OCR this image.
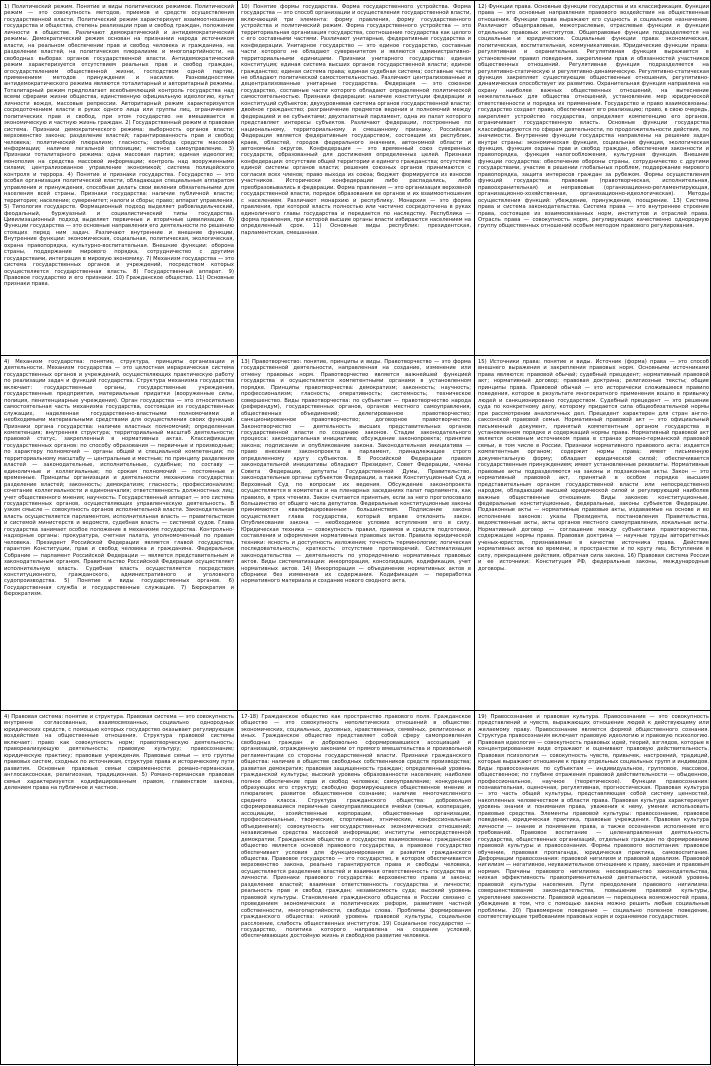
1) Политический режим. Понятие и виды политических режимов. Политический режим — это совокупность методов, приемов и средств осуществления государственной власти. Политический режим характеризует взаимоотношения государства и общества, степень реализации прав и свобод граждан, положение личности в обществе. Различают демократический и антидемократический режимы. Демократический режим основан на признании народа источником власти, на реальном обеспечении прав и свобод человека и гражданина, на разделении властей, на политическом плюрализме и многопартийности, на свободных выборах органов государственной власти. Антидемократический режим характеризуется отсутствием реальных прав и свобод граждан, огосударствлением общественной жизни, господством одной партии, применением методов принуждения и насилия. Разновидностями антидемократического режима являются тоталитарный и авторитарный режимы. Тоталитарный режим предполагает всеобъемлющий контроль государства над всеми сферами жизни общества, единственную официальную идеологию, культ личности вождя, массовые репрессии. Авторитарный режим характеризуется сосредоточением власти в руках одного лица или группы лиц, ограничением политических прав и свобод, при этом государство не вмешивается в экономическую и частную жизнь граждан. 2) Государственный режим и правовая система. Признаки демократического режима: выборность органов власти; верховенство закона; разделение властей; гарантированность прав и свобод человека; политический плюрализм; гласность; свобода средств массовой информации; наличие легальной оппозиции; местное самоуправление. 3) Признаки тоталитарного режима: одна массовая партия; единая идеология; монополия на средства массовой информации; контроль над вооруженными силами; централизованное управление экономикой; система полицейского контроля и террора. 4) Понятие и признаки государства. Государство — это особая организация политической власти, обладающая специальным аппаратом управления и принуждения, способная делать свои веления обязательными для населения всей страны. Признаки государства: наличие публичной власти; территория; население; суверенитет; налоги и сборы; право; аппарат управления. 5) Типология государств. Формационный подход выделяет рабовладельческий, феодальный, буржуазный и социалистический типы государства. Цивилизационный подход выделяет первичные и вторичные цивилизации. 6) Функции государства — это основные направления его деятельности по решению стоящих перед ним задач. Различают внутренние и внешние функции. Внутренние функции: экономическая, социальная, политическая, экологическая, охрана правопорядка, культурно-воспитательная. Внешние функции: оборона страны, поддержание мирового порядка, сотрудничество с другими государствами, интеграция в мировую экономику. 7) Механизм государства — это система государственных органов и учреждений, посредством которых осуществляется государственная власть. 8) Государственный аппарат. 9) Правовое государство и его признаки. 10) Гражданское общество. 11) Основные признаки права.

10) Понятие формы государства. Форма государственного устройства. Форма государства — это способ организации и осуществления государственной власти, включающий три элемента: форму правления, форму государственного устройства и политический режим. Форма государственного устройства — это территориальная организация государства, соотношение государства как целого с его составными частями. Различают унитарные, федеративные государства и конфедерации. Унитарное государство — это единое государство, составные части которого не обладают суверенитетом и являются административно-территориальными единицами. Признаки унитарного государства: единая конституция; единая система высших органов государственной власти; единое гражданство; единая система права; единая судебная система; составные части не обладают политической самостоятельностью. Различают централизованные и децентрализованные унитарные государства. Федерация — это союзное государство, составные части которого обладают определенной политической самостоятельностью. Признаки федерации: наличие конституции федерации и конституций субъектов; двухуровневая система органов государственной власти; двойное гражданство; разграничение предметов ведения и полномочий между федерацией и ее субъектами; двухпалатный парламент, одна из палат которого представляет интересы субъектов. Различают федерации, построенные по национальному, территориальному и смешанному признаку. Российская Федерация является федеративным государством, состоящим из республик, краев, областей, городов федерального значения, автономной области и автономных округов. Конфедерация — это временный союз суверенных государств, образованный для достижения определенных целей. Признаки конфедерации: отсутствие общей территории и единого гражданства; отсутствие единой системы органов власти; решения союзных органов принимаются с согласия всех членов; право выхода из союза; бюджет формируется из взносов участников. Исторически конфедерации либо распадались, либо преобразовывались в федерации. Форма правления — это организация верховной государственной власти, порядок образования ее органов и их взаимоотношения с населением. Различают монархию и республику. Монархия — это форма правления, при которой власть полностью или частично сосредоточена в руках единоличного главы государства и передается по наследству. Республика — форма правления, при которой высшие органы власти избираются населением на определенный срок. 11) Основные виды республик: президентская, парламентская, смешанная.

12) Функции права. Основные функции государства и их классификация. Функции права — это основные направления правового воздействия на общественные отношения. Функции права выражают его сущность и социальное назначение. Различают общеправовые, межотраслевые, отраслевые функции и функции отдельных правовых институтов. Общеправовые функции подразделяются на социальные и юридические. Социальные функции права: экономическая, политическая, воспитательная, коммуникативная. Юридические функции права: регулятивная и охранительная. Регулятивная функция выражается в установлении правил поведения, закреплении прав и обязанностей участников общественных отношений. Регулятивная функция подразделяется на регулятивно-статическую и регулятивно-динамическую. Регулятивно-статическая функция закрепляет существующие общественные отношения, регулятивно-динамическая способствует их развитию. Охранительная функция направлена на охрану наиболее важных общественных отношений, на вытеснение нежелательных для общества отношений, установление мер юридической ответственности и порядка их применения. Государство и право взаимосвязаны: государство создает право, обеспечивает его реализацию; право, в свою очередь, закрепляет устройство государства, определяет компетенцию его органов, ограничивает государственную власть. Основные функции государства классифицируются по сферам деятельности, по продолжительности действия, по значимости. Внутренние функции государства направлены на решение задач внутри страны: экономическая функция, социальная функция, экологическая функция, функция охраны прав и свобод граждан, обеспечения законности и правопорядка, функция налогообложения, культурная функция. Внешние функции государства: обеспечение обороны страны, сотрудничество с другими государствами, участие в решении глобальных проблем, поддержание мирового правопорядка, защита интересов граждан за рубежом. Формы осуществления функций государства: правовые (правотворческая, исполнительная, правоохранительная) и неправовые (организационно-регламентирующая, организационно-хозяйственная, организационно-идеологическая). Методы осуществления функций: убеждение, принуждение, поощрение. 13) Система права и система законодательства. Система права — это внутреннее строение права, состоящее из взаимосвязанных норм, институтов и отраслей права. Отрасль права — совокупность норм, регулирующих качественно однородную группу общественных отношений особым методом правового регулирования.

4) Механизм государства: понятие, структура, принципы организации и деятельности. Механизм государства — это целостная иерархическая система государственных органов и учреждений, осуществляющих практическую работу по реализации задач и функций государства. Структура механизма государства включает: государственные органы, государственные учреждения, государственные предприятия, материальные придатки (вооруженные силы, полиция, пенитенциарные учреждения). Орган государства — это относительно самостоятельная часть механизма государства, состоящая из государственных служащих, наделенная государственно-властными полномочиями и необходимыми материальными средствами для осуществления своих функций. Признаки органа государства: наличие властных полномочий; определенная компетенция; внутренняя структура; территориальный масштаб деятельности; правовой статус, закрепленный в нормативных актах. Классификация государственных органов: по способу образования — первичные и производные; по характеру полномочий — органы общей и специальной компетенции; по территориальному масштабу — центральные и местные; по принципу разделения властей — законодательные, исполнительные, судебные; по составу — единоличные и коллегиальные; по срокам полномочий — постоянные и временные. Принципы организации и деятельности механизма государства: разделение властей; законность; демократизм; гласность; профессионализм; сочетание коллегиальности и единоначалия; ответственность должностных лиц; учет общественного мнения; научность. Государственный аппарат — это система государственных органов, осуществляющих управленческую деятельность. В узком смысле — совокупность органов исполнительной власти. Законодательная власть осуществляется парламентом, исполнительная власть — правительством и системой министерств и ведомств, судебная власть — системой судов. Глава государства занимает особое положение в механизме государства. Контрольно-надзорные органы: прокуратура, счетная палата, уполномоченный по правам человека. Президент Российской Федерации является главой государства, гарантом Конституции, прав и свобод человека и гражданина. Федеральное Собрание — парламент Российской Федерации — является представительным и законодательным органом. Правительство Российской Федерации осуществляет исполнительную власть. Судебная власть осуществляется посредством конституционного, гражданского, административного и уголовного судопроизводства. 5) Понятие и виды государственных органов. 6) Государственная служба и государственные служащие. 7) Бюрократия и бюрократизм.

13) Правотворчество: понятие, принципы и виды. Правотворчество — это форма государственной деятельности, направленная на создание, изменение или отмену правовых норм. Правотворчество является важнейшей функцией государства и осуществляется компетентными органами в установленном порядке. Принципы правотворчества: демократизм; законность; научность; профессионализм; гласность; оперативность; системность; техническое совершенство. Виды правотворчества: по субъектам — правотворчество народа (референдум), государственных органов, органов местного самоуправления, общественных объединений; делегированное правотворчество; санкционированное правотворчество; договорное правотворчество. Законотворчество — деятельность высших представительных органов государственной власти по созданию законов. Стадии законодательного процесса: законодательная инициатива; обсуждение законопроекта; принятие закона; подписание и опубликование закона. Законодательная инициатива — право внесения законопроекта в парламент, принадлежащее строго определенному кругу субъектов. В Российской Федерации правом законодательной инициативы обладают Президент, Совет Федерации, члены Совета Федерации, депутаты Государственной Думы, Правительство, законодательные органы субъектов Федерации, а также Конституционный Суд и Верховный Суд по вопросам их ведения. Обсуждение законопроекта осуществляется в комитетах и на пленарных заседаниях палат парламента, как правило, в трех чтениях. Закон считается принятым, если за него проголосовало большинство от общего числа депутатов. Федеральные конституционные законы принимаются квалифицированным большинством. Подписание закона осуществляет глава государства, который вправе отклонить закон. Опубликование закона — необходимое условие вступления его в силу. Юридическая техника — совокупность правил, приемов и средств подготовки, составления и оформления нормативных правовых актов. Правила юридической техники: ясность и доступность изложения; точность терминологии; логическая последовательность; краткость; отсутствие противоречий. Систематизация законодательства — деятельность по упорядочению нормативных правовых актов. Виды систематизации: инкорпорация, консолидация, кодификация, учет нормативных актов. 14) Инкорпорация — объединение нормативных актов в сборники без изменения их содержания. Кодификация — переработка нормативного материала и создание нового сводного акта.

15) Источники права: понятие и виды. Источник (форма) права — это способ внешнего выражения и закрепления правовых норм. Основными источниками права являются: правовой обычай; судебный прецедент; нормативный правовой акт; нормативный договор; правовая доктрина; религиозные тексты; общие принципы права. Правовой обычай — это исторически сложившееся правило поведения, которое в результате многократного применения вошло в привычку людей и санкционировано государством. Судебный прецедент — это решение суда по конкретному делу, которому придается сила общеобязательной нормы при рассмотрении аналогичных дел. Прецедент характерен для стран англо-саксонской правовой семьи. Нормативный правовой акт — это официальный письменный документ, принятый компетентным органом государства в установленном порядке и содержащий нормы права. Нормативный правовой акт является основным источником права в странах романо-германской правовой семьи, в том числе в России. Признаки нормативного правового акта: издается компетентным органом; содержит нормы права; имеет письменную документальную форму; обладает юридической силой; обеспечивается государственным принуждением; имеет установленные реквизиты. Нормативные правовые акты подразделяются на законы и подзаконные акты. Закон — это нормативный правовой акт, принятый в особом порядке высшим представительным органом государственной власти или непосредственно народом, обладающий высшей юридической силой и регулирующий наиболее важные общественные отношения. Виды законов: конституционные, федеральные конституционные, федеральные, законы субъектов Федерации. Подзаконные акты — нормативные правовые акты, издаваемые на основе и во исполнение законов: указы Президента, постановления Правительства, ведомственные акты, акты органов местного самоуправления, локальные акты. Нормативный договор — соглашение между субъектами правотворчества, содержащее нормы права. Правовая доктрина — научные труды авторитетных ученых-юристов, признаваемые в качестве источника права. Действие нормативных актов во времени, в пространстве и по кругу лиц. Вступление в силу, прекращение действия, обратная сила закона. 16) Правовая система России и ее источники: Конституция РФ, федеральные законы, международные договоры.

4) Правовая система: понятие и структура. Правовая система — это совокупность внутренне согласованных, взаимосвязанных, социально однородных юридических средств, с помощью которых государство оказывает регулирующее воздействие на общественные отношения. Структура правовой системы включает: право как совокупность норм; правотворческую деятельность; правореализующую деятельность; правовую культуру; правосознание; юридическую практику; правовые учреждения. Правовые семьи — это группы правовых систем, сходных по источникам, структуре права и историческому пути развития. Основные правовые семьи современности: романо-германская, англосаксонская, религиозная, традиционная. 5) Романо-германская правовая семья характеризуется кодифицированным правом, главенством закона, делением права на публичное и частное.

17-18) Гражданское общество как пространство правового поля. Гражданское общество — это совокупность неполитических отношений в обществе: экономических, социальных, духовных, нравственных, семейных, религиозных и иных. Гражданское общество представляет собой сферу самопроявления свободных граждан и добровольно сформировавшихся ассоциаций и организаций, огражденную законами от прямого вмешательства и произвольной регламентации со стороны государственной власти. Признаки гражданского общества: наличие в обществе свободных собственников средств производства; развитая демократия; правовая защищенность граждан; определенный уровень гражданской культуры; высокий уровень образованности населения; наиболее полное обеспечение прав и свобод человека; самоуправление; конкуренция образующих его структур; свободно формирующееся общественное мнение и плюрализм; развитое общественное сознание; наличие многочисленного среднего класса. Структура гражданского общества: добровольно сформировавшиеся первичные самоуправляющиеся ячейки (семья, кооперация, ассоциации, хозяйственные корпорации, общественные организации, профессиональные, творческие, спортивные, этнические, конфессиональные объединения); совокупность негосударственных экономических отношений; независимые средства массовой информации; институты непосредственной демократии. Гражданское общество и государство взаимосвязаны: гражданское общество является основой правового государства, а правовое государство обеспечивает условия для функционирования и развития гражданского общества. Правовое государство — это государство, в котором обеспечивается верховенство закона, реально гарантируются права и свободы человека, осуществляется разделение властей и взаимная ответственность государства и личности. Признаки правового государства: верховенство права и закона; разделение властей; взаимная ответственность государства и личности; реальность прав и свобод граждан; независимость суда; высокий уровень правовой культуры. Становление гражданского общества в России связано с проведением экономических и политических реформ, развитием частной собственности, многопартийности, свободы слова. Проблемы формирования гражданского общества: низкий уровень правовой культуры, социальное расслоение, слабость общественных институтов. 19) Социальное государство — государство, политика которого направлена на создание условий, обеспечивающих достойную жизнь и свободное развитие человека.

19) Правосознание и правовая культура. Правосознание — это совокупность представлений и чувств, выражающих отношение людей к действующему или желаемому праву. Правосознание является формой общественного сознания. Структура правосознания включает правовую идеологию и правовую психологию. Правовая идеология — совокупность правовых идей, теорий, взглядов, которые в концентрированном виде отражают и оценивают правовую действительность. Правовая психология — совокупность чувств, привычек, настроений, традиций, которые выражают отношение к праву отдельных социальных групп и индивидов. Виды правосознания: по субъектам — индивидуальное, групповое, массовое, общественное; по глубине отражения правовой действительности — обыденное, профессиональное, научное (теоретическое). Функции правосознания: познавательная, оценочная, регулятивная, прогностическая. Правовая культура — это часть общей культуры, представляющая собой систему ценностей, накопленных человечеством в области права. Правовая культура характеризует уровень знания и понимания права, уважения к нему, умения использовать правовые средства. Элементы правовой культуры: правосознание, правовое поведение, юридическая практика, правовые учреждения. Правовая культура личности — знание и понимание права, а также осознанное исполнение его требований. Правовое воспитание — целенаправленная деятельность государства, общественных организаций, отдельных граждан по формированию правовой культуры и правосознания. Формы правового воспитания: правовое обучение, правовая пропаганда, юридическая практика, самовоспитание. Деформации правосознания: правовой нигилизм и правовой идеализм. Правовой нигилизм — негативное, неуважительное отношение к праву, законам и правовым нормам. Причины правового нигилизма: несовершенство законодательства, низкая эффективность правоприменительной деятельности, низкий уровень правовой культуры населения. Пути преодоления правового нигилизма: совершенствование законодательства, повышение правовой культуры, укрепление законности. Правовой идеализм — переоценка возможностей права, убеждение в том, что с помощью закона можно решить любые социальные проблемы. 20) Правомерное поведение — социально полезное поведение, соответствующее требованиям правовых норм и охраняемое государством.
